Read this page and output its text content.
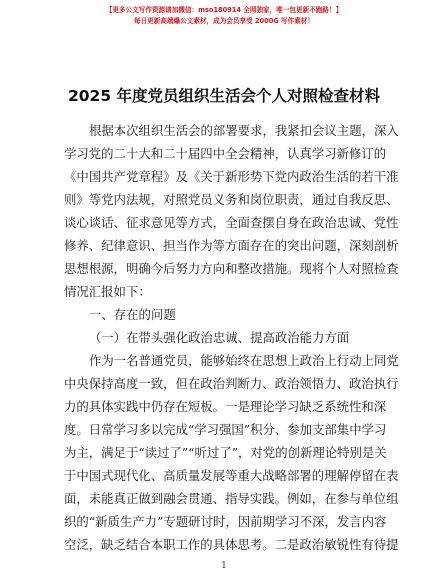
【更多公文写作资源请加微信：mso180914 全网独家，唯一包更新不跑路！】
每日更新高端爆公文素材，成为会员享受 2000G 写作素材！
2025 年度党员组织生活会个人对照检查材料
根据本次组织生活会的部署要求，我紧扣会议主题，深入
学习党的二十大和二十届四中全会精神，认真学习新修订的
《中国共产党章程》及《关于新形势下党内政治生活的若干准
则》等党内法规，对照党员义务和岗位职责，通过自我反思、
谈心谈话、征求意见等方式，全面查摆自身在政治忠诚、党性
修养、纪律意识、担当作为等方面存在的突出问题，深刻剖析
思想根源，明确今后努力方向和整改措施。现将个人对照检查
情况汇报如下：
一、存在的问题
（一）在带头强化政治忠诚、提高政治能力方面
作为一名普通党员，能够始终在思想上政治上行动上同党
中央保持高度一致，但在政治判断力、政治领悟力、政治执行
力的具体实践中仍存在短板。一是理论学习缺乏系统性和深
度。日常学习多以完成“学习强国”积分、参加支部集中学习
为主，满足于“读过了”“听过了”，对党的创新理论特别是关
于中国式现代化、高质量发展等重大战略部署的理解停留在表
面，未能真正做到融会贯通、指导实践。例如，在参与单位组
织的“新质生产力”专题研讨时，因前期学习不深，发言内容
空泛，缺乏结合本职工作的具体思考。二是政治敏锐性有待提
1
